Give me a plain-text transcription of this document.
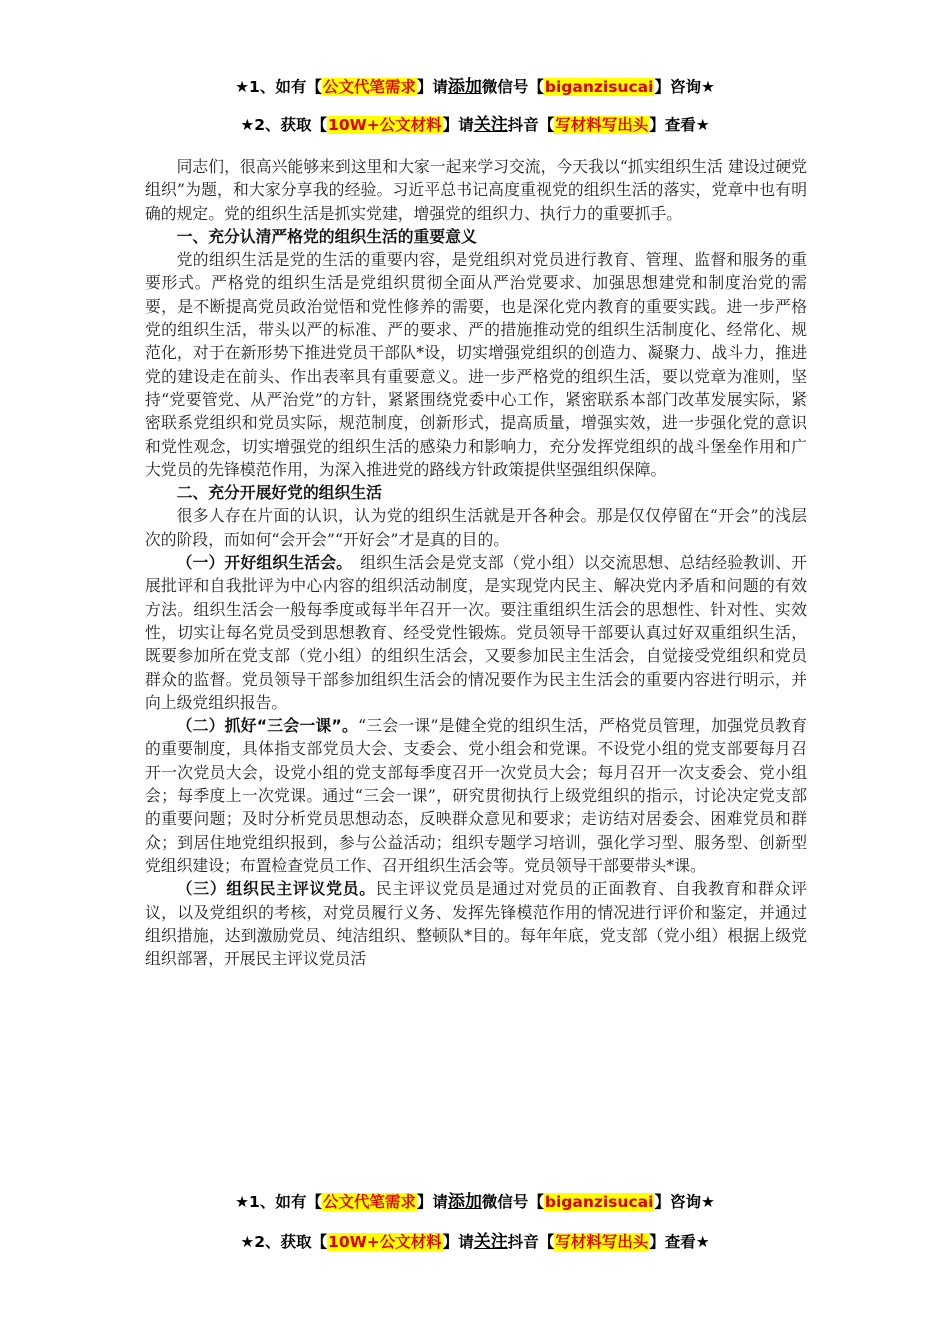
★1、如有【公文代笔需求】请添加微信号【biganzisucai】咨询★
★2、获取【10W+公文材料】请关注抖音【写材料写出头】查看★

同志们，很高兴能够来到这里和大家一起来学习交流，今天我以“抓实组织生活 建设过硬党组织”为题，和大家分享我的经验。习近平总书记高度重视党的组织生活的落实，党章中也有明确的规定。党的组织生活是抓实党建，增强党的组织力、执行力的重要抓手。

一、充分认清严格党的组织生活的重要意义

党的组织生活是党的生活的重要内容，是党组织对党员进行教育、管理、监督和服务的重要形式。严格党的组织生活是党组织贯彻全面从严治党要求、加强思想建党和制度治党的需要，是不断提高党员政治觉悟和党性修养的需要，也是深化党内教育的重要实践。进一步严格党的组织生活，带头以严的标准、严的要求、严的措施推动党的组织生活制度化、经常化、规范化，对于在新形势下推进党员干部队*设，切实增强党组织的创造力、凝聚力、战斗力，推进党的建设走在前头、作出表率具有重要意义。进一步严格党的组织生活，要以党章为准则，坚持“党要管党、从严治党”的方针，紧紧围绕党委中心工作，紧密联系本部门改革发展实际，紧密联系党组织和党员实际，规范制度，创新形式，提高质量，增强实效，进一步强化党的意识和党性观念，切实增强党的组织生活的感染力和影响力，充分发挥党组织的战斗堡垒作用和广大党员的先锋模范作用，为深入推进党的路线方针政策提供坚强组织保障。

二、充分开展好党的组织生活

很多人存在片面的认识，认为党的组织生活就是开各种会。那是仅仅停留在“开会”的浅层次的阶段，而如何“会开会”“开好会”才是真的目的。

（一）开好组织生活会。　组织生活会是党支部（党小组）以交流思想、总结经验教训、开展批评和自我批评为中心内容的组织活动制度，是实现党内民主、解决党内矛盾和问题的有效方法。组织生活会一般每季度或每半年召开一次。要注重组织生活会的思想性、针对性、实效性，切实让每名党员受到思想教育、经受党性锻炼。党员领导干部要认真过好双重组织生活，既要参加所在党支部（党小组）的组织生活会，又要参加民主生活会，自觉接受党组织和党员群众的监督。党员领导干部参加组织生活会的情况要作为民主生活会的重要内容进行明示，并向上级党组织报告。

（二）抓好“三会一课”。“三会一课”是健全党的组织生活，严格党员管理，加强党员教育的重要制度，具体指支部党员大会、支委会、党小组会和党课。不设党小组的党支部要每月召开一次党员大会，设党小组的党支部每季度召开一次党员大会；每月召开一次支委会、党小组会；每季度上一次党课。通过“三会一课”，研究贯彻执行上级党组织的指示，讨论决定党支部的重要问题；及时分析党员思想动态，反映群众意见和要求；走访结对居委会、困难党员和群众；到居住地党组织报到，参与公益活动；组织专题学习培训，强化学习型、服务型、创新型党组织建设；布置检查党员工作、召开组织生活会等。党员领导干部要带头*课。

（三）组织民主评议党员。民主评议党员是通过对党员的正面教育、自我教育和群众评议，以及党组织的考核，对党员履行义务、发挥先锋模范作用的情况进行评价和鉴定，并通过组织措施，达到激励党员、纯洁组织、整顿队*目的。每年年底，党支部（党小组）根据上级党组织部署，开展民主评议党员活

★1、如有【公文代笔需求】请添加微信号【biganzisucai】咨询★
★2、获取【10W+公文材料】请关注抖音【写材料写出头】查看★
